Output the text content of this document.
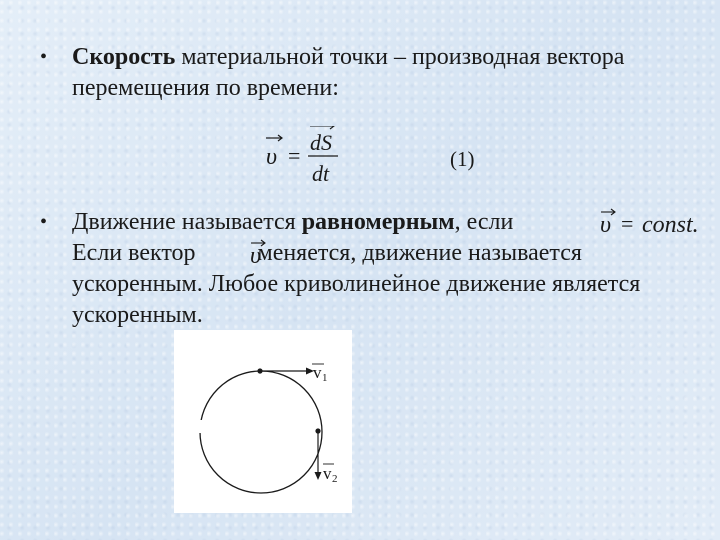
• Скорость материальной точки – производная вектора перемещения по времени:
υ =
dS
dt
(1)
• Движение называется равномерным, если
Если вектор	меняется, движение называется ускоренным. Любое криволинейное движение является ускоренным.
υ = const.
υ
v 1
v 2
